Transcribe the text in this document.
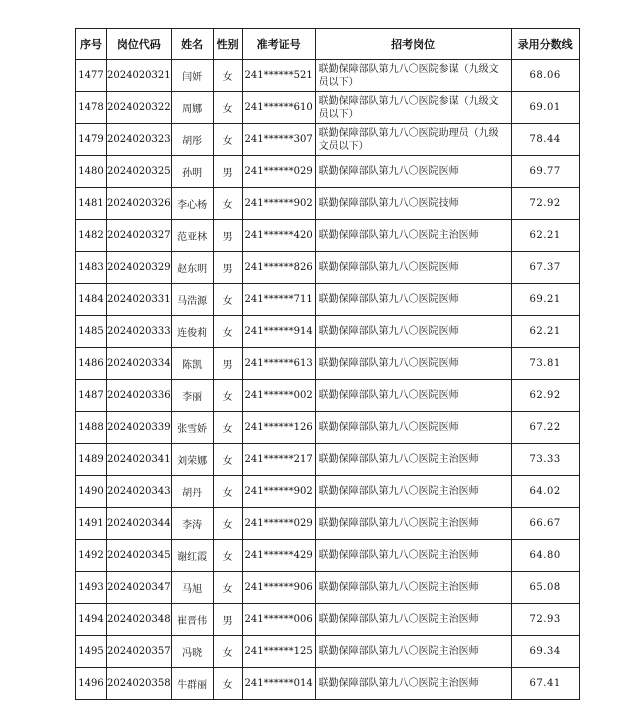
序号	岗位代码	姓名	性别	准考证号	招考岗位	录用分数线
1477	2024020321	闫妍	女	241******521	联勤保障部队第九八〇医院参谋（九级文员以下）	68.06
1478	2024020322	周娜	女	241******610	联勤保障部队第九八〇医院参谋（九级文员以下）	69.01
1479	2024020323	胡彤	女	241******307	联勤保障部队第九八〇医院助理员（九级文员以下）	78.44
1480	2024020325	孙明	男	241******029	联勤保障部队第九八〇医院医师	69.77
1481	2024020326	李心杨	女	241******902	联勤保障部队第九八〇医院技师	72.92
1482	2024020327	范亚林	男	241******420	联勤保障部队第九八〇医院主治医师	62.21
1483	2024020329	赵东明	男	241******826	联勤保障部队第九八〇医院医师	67.37
1484	2024020331	马浩源	女	241******711	联勤保障部队第九八〇医院医师	69.21
1485	2024020333	连俊莉	女	241******914	联勤保障部队第九八〇医院医师	62.21
1486	2024020334	陈凯	男	241******613	联勤保障部队第九八〇医院医师	73.81
1487	2024020336	李丽	女	241******002	联勤保障部队第九八〇医院医师	62.92
1488	2024020339	张雪娇	女	241******126	联勤保障部队第九八〇医院医师	67.22
1489	2024020341	刘荣娜	女	241******217	联勤保障部队第九八〇医院主治医师	73.33
1490	2024020343	胡丹	女	241******902	联勤保障部队第九八〇医院主治医师	64.02
1491	2024020344	李涛	女	241******029	联勤保障部队第九八〇医院主治医师	66.67
1492	2024020345	谢红霞	女	241******429	联勤保障部队第九八〇医院主治医师	64.80
1493	2024020347	马旭	女	241******906	联勤保障部队第九八〇医院主治医师	65.08
1494	2024020348	崔晋伟	男	241******006	联勤保障部队第九八〇医院主治医师	72.93
1495	2024020357	冯晓	女	241******125	联勤保障部队第九八〇医院主治医师	69.34
1496	2024020358	牛群丽	女	241******014	联勤保障部队第九八〇医院主治医师	67.41
